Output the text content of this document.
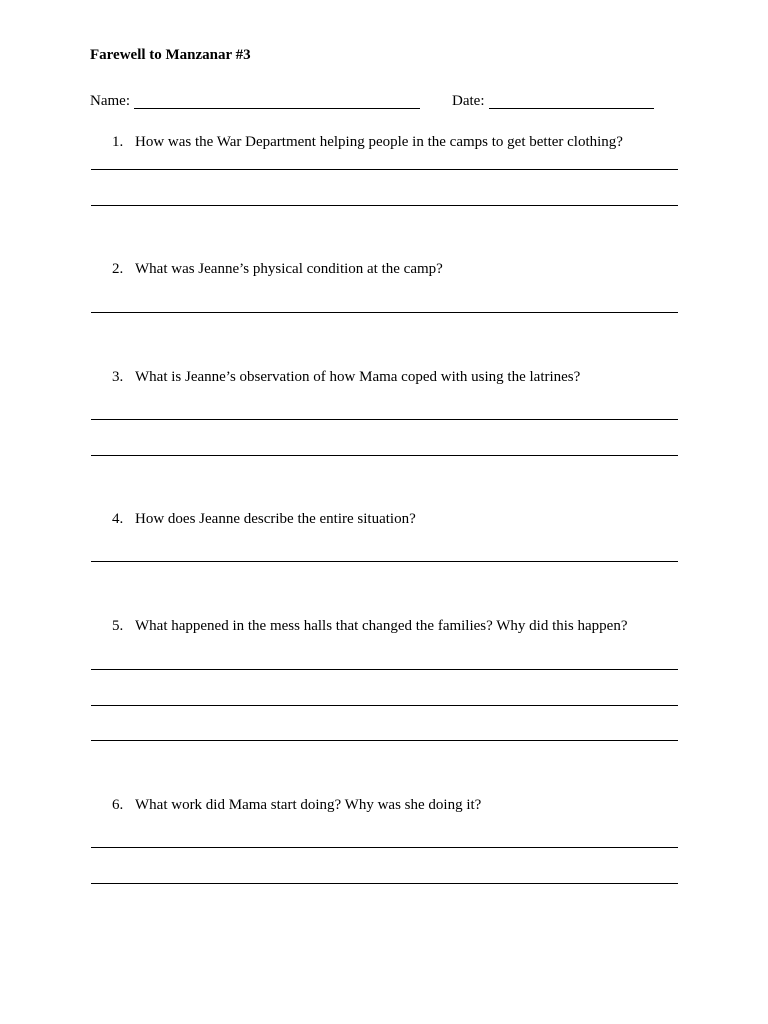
Farewell to Manzanar #3
Name:	Date:
1. How was the War Department helping people in the camps to get better clothing?
2. What was Jeanne’s physical condition at the camp?
3. What is Jeanne’s observation of how Mama coped with using the latrines?
4. How does Jeanne describe the entire situation?
5. What happened in the mess halls that changed the families? Why did this happen?
6. What work did Mama start doing? Why was she doing it?
